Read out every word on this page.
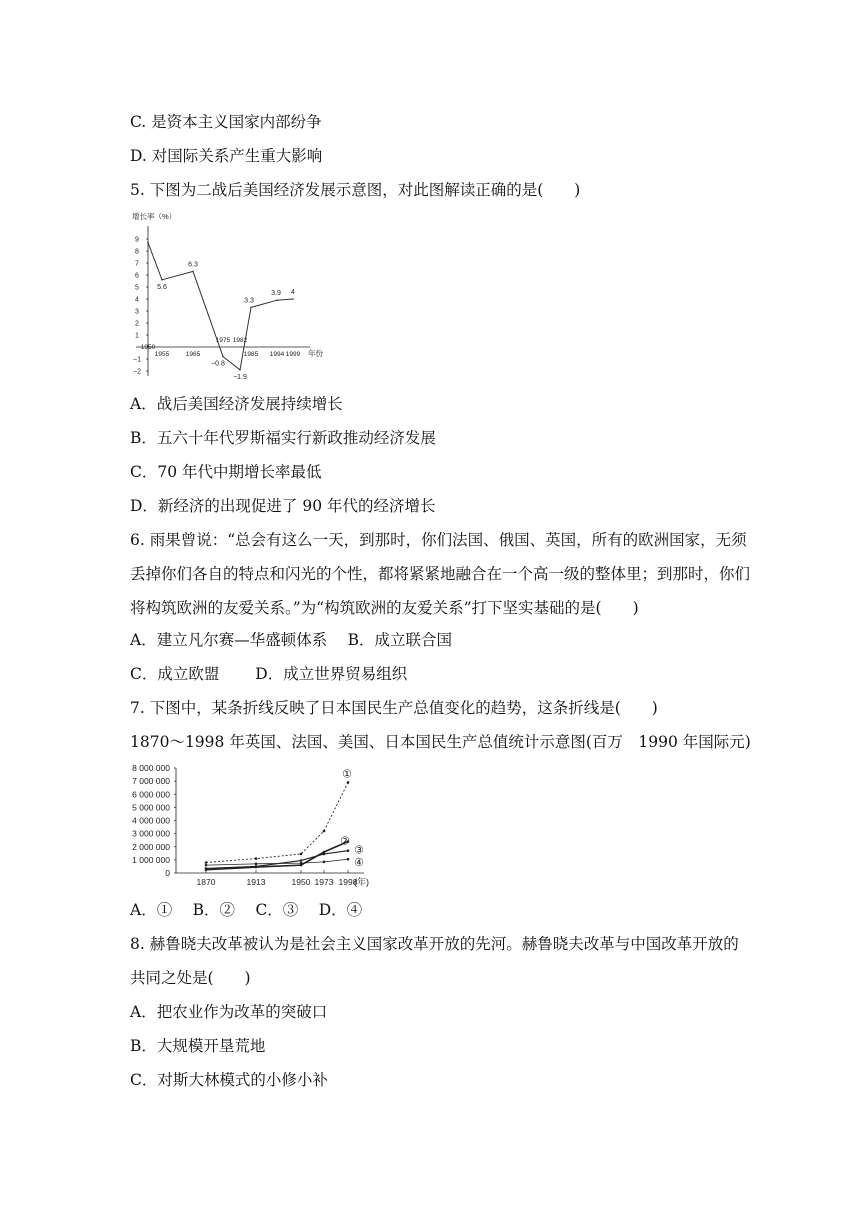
C. 是资本主义国家内部纷争
D. 对国际关系产生重大影响
5. 下图为二战后美国经济发展示意图，对此图解读正确的是(　　)
增长率（%）
年份
−2
−1
1
2
3
4
5
6
7
8
9
1950
1955	1965
1975 1982
1985 1994 1999
5.6
6.3
−0.8
−1.9
3.3
3.9 4
A．战后美国经济发展持续增长
B．五六十年代罗斯福实行新政推动经济发展
C．70 年代中期增长率最低
D．新经济的出现促进了 90 年代的经济增长
6. 雨果曾说：“总会有这么一天，到那时，你们法国、俄国、英国，所有的欧洲国家，无须
丢掉你们各自的特点和闪光的个性，都将紧紧地融合在一个高一级的整体里；到那时，你们
将构筑欧洲的友爱关系。”为“构筑欧洲的友爱关系”打下坚实基础的是(　　)
A．建立凡尔赛—华盛顿体系　 B．成立联合国
C．成立欧盟　　 D．成立世界贸易组织
7. 下图中，某条折线反映了日本国民生产总值变化的趋势，这条折线是(　　)
1870～1998 年英国、法国、美国、日本国民生产总值统计示意图(百万　1990 年国际元)
(年)
8 000 000
7 000 000
6 000 000
5 000 000
4 000 000
3 000 000
2 000 000
1 000 000
0
1870	1913	1950 1973 1998
①
②
③
④
A．①　 B．②　 C．③　 D．④
8. 赫鲁晓夫改革被认为是社会主义国家改革开放的先河。赫鲁晓夫改革与中国改革开放的
共同之处是(　　)
A．把农业作为改革的突破口
B．大规模开垦荒地
C．对斯大林模式的小修小补
